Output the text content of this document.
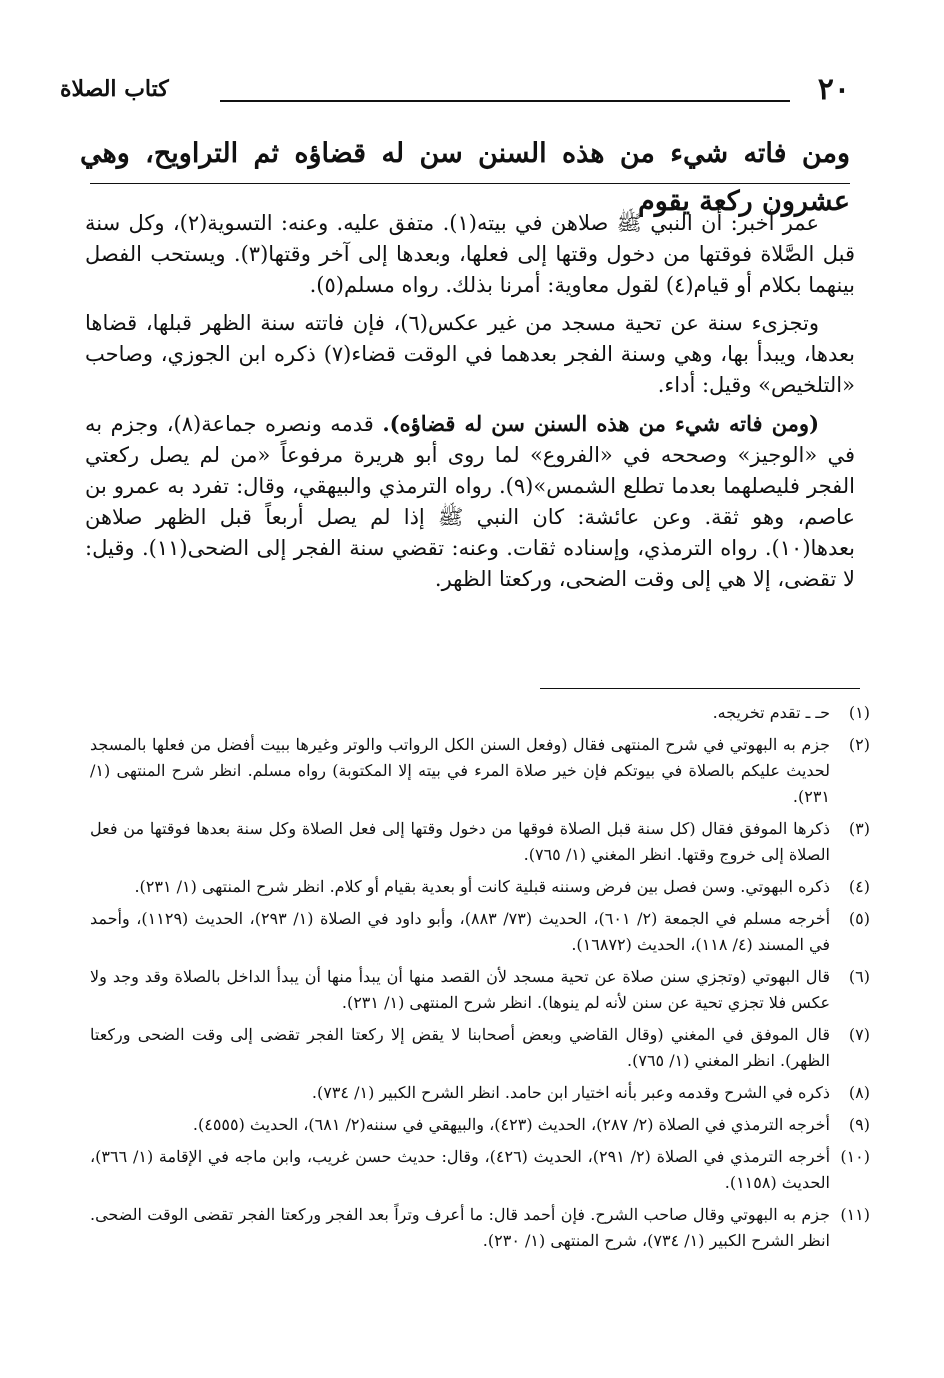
٢٠
كتاب الصلاة
ومن فاته شيء من هذه السنن سن له قضاؤه ثم التراويح، وهي عشرون ركعة يقوم

عمر أخبر: أن النبي ﷺ صلاهن في بيته(١). متفق عليه. وعنه: التسوية(٢)، وكل سنة قبل الصَّلاة فوقتها من دخول وقتها إلى فعلها، وبعدها إلى آخر وقتها(٣). ويستحب الفصل بينهما بكلام أو قيام(٤) لقول معاوية: أمرنا بذلك. رواه مسلم(٥).

وتجزىء سنة عن تحية مسجد من غير عكس(٦)، فإن فاتته سنة الظهر قبلها، قضاها بعدها، ويبدأ بها، وهي وسنة الفجر بعدهما في الوقت قضاء(٧) ذكره ابن الجوزي، وصاحب «التلخيص» وقيل: أداء.

(ومن فاته شيء من هذه السنن سن له قضاؤه). قدمه ونصره جماعة(٨)، وجزم به في «الوجيز» وصححه في «الفروع» لما روى أبو هريرة مرفوعاً «من لم يصل ركعتي الفجر فليصلهما بعدما تطلع الشمس»(٩). رواه الترمذي والبيهقي، وقال: تفرد به عمرو بن عاصم، وهو ثقة. وعن عائشة: كان النبي ﷺ إذا لم يصل أربعاً قبل الظهر صلاهن بعدها(١٠). رواه الترمذي، وإسناده ثقات. وعنه: تقضي سنة الفجر إلى الضحى(١١). وقيل: لا تقضى، إلا هي إلى وقت الضحى، وركعتا الظهر.

(١)
حـ ـ تقدم تخريجه.
(٢)
جزم به البهوتي في شرح المنتهى فقال (وفعل السنن الكل الرواتب والوتر وغيرها ببيت أفضل من فعلها بالمسجد لحديث عليكم بالصلاة في بيوتكم فإن خير صلاة المرء في بيته إلا المكتوبة) رواه مسلم. انظر شرح المنتهى (١/ ٢٣١).
(٣)
ذكرها الموفق فقال (كل سنة قبل الصلاة فوقها من دخول وقتها إلى فعل الصلاة وكل سنة بعدها فوقتها من فعل الصلاة إلى خروج وقتها. انظر المغني (١/ ٧٦٥).
(٤)
ذكره البهوتي. وسن فصل بين فرض وسننه قبلية كانت أو بعدية بقيام أو كلام. انظر شرح المنتهى (١/ ٢٣١).
(٥)
أخرجه مسلم في الجمعة (٢/ ٦٠١)، الحديث (٧٣/ ٨٨٣)، وأبو داود في الصلاة (١/ ٢٩٣)، الحديث (١١٢٩)، وأحمد في المسند (٤/ ١١٨)، الحديث (١٦٨٧٢).
(٦)
قال البهوتي (وتجزي سنن صلاة عن تحية مسجد لأن القصد منها أن يبدأ منها أن يبدأ الداخل بالصلاة وقد وجد ولا عكس فلا تجزي تحية عن سنن لأنه لم ينوها). انظر شرح المنتهى (١/ ٢٣١).
(٧)
قال الموفق في المغني (وقال القاضي وبعض أصحابنا لا يقض إلا ركعتا الفجر تقضى إلى وقت الضحى وركعتا الظهر). انظر المغني (١/ ٧٦٥).
(٨)
ذكره في الشرح وقدمه وعبر بأنه اختيار ابن حامد. انظر الشرح الكبير (١/ ٧٣٤).
(٩)
أخرجه الترمذي في الصلاة (٢/ ٢٨٧)، الحديث (٤٢٣)، والبيهقي في سننه(٢/ ٦٨١)، الحديث (٤٥٥٥).
(١٠)
أخرجه الترمذي في الصلاة (٢/ ٢٩١)، الحديث (٤٢٦)، وقال: حديث حسن غريب، وابن ماجه في الإقامة (١/ ٣٦٦)، الحديث (١١٥٨).
(١١)
جزم به البهوتي وقال صاحب الشرح. فإن أحمد قال: ما أعرف وتراً بعد الفجر وركعتا الفجر تقضى الوقت الضحى. انظر الشرح الكبير (١/ ٧٣٤)، شرح المنتهى (١/ ٢٣٠).
